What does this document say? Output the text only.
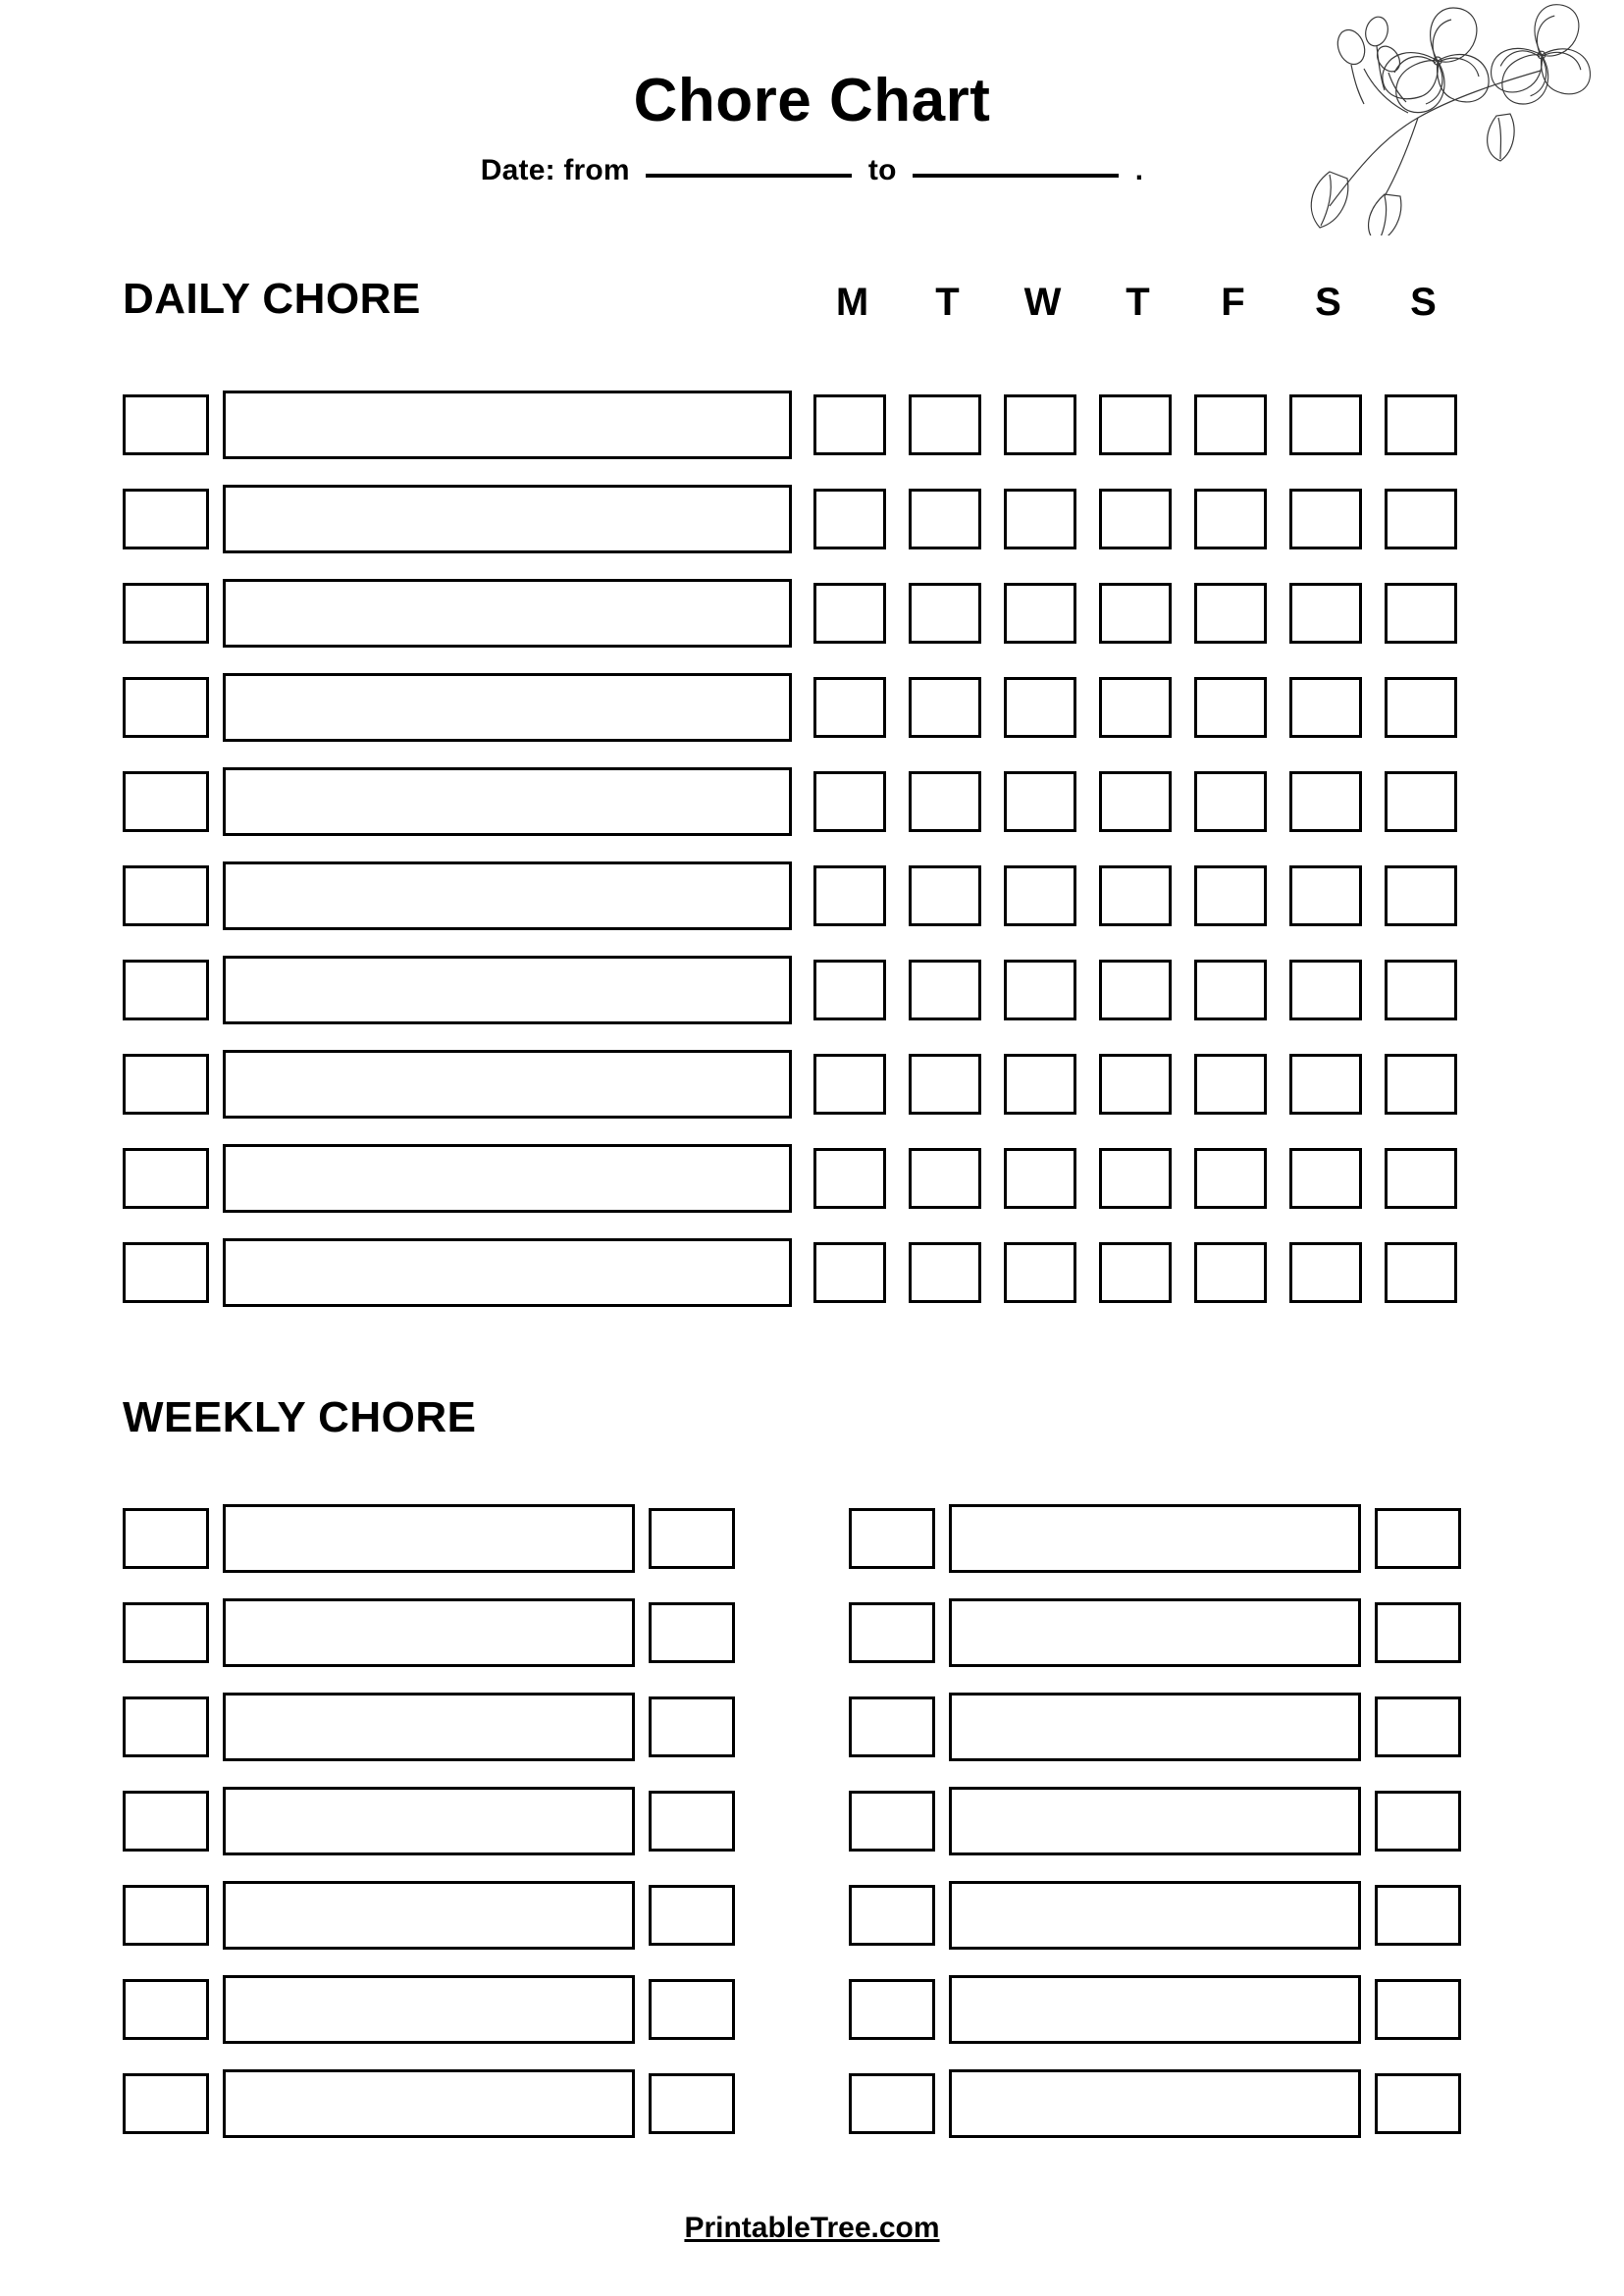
Chore Chart
Date: from	to	.
DAILY CHORE	M	T	W	T	F	S	S
WEEKLY CHORE
PrintableTree.com
